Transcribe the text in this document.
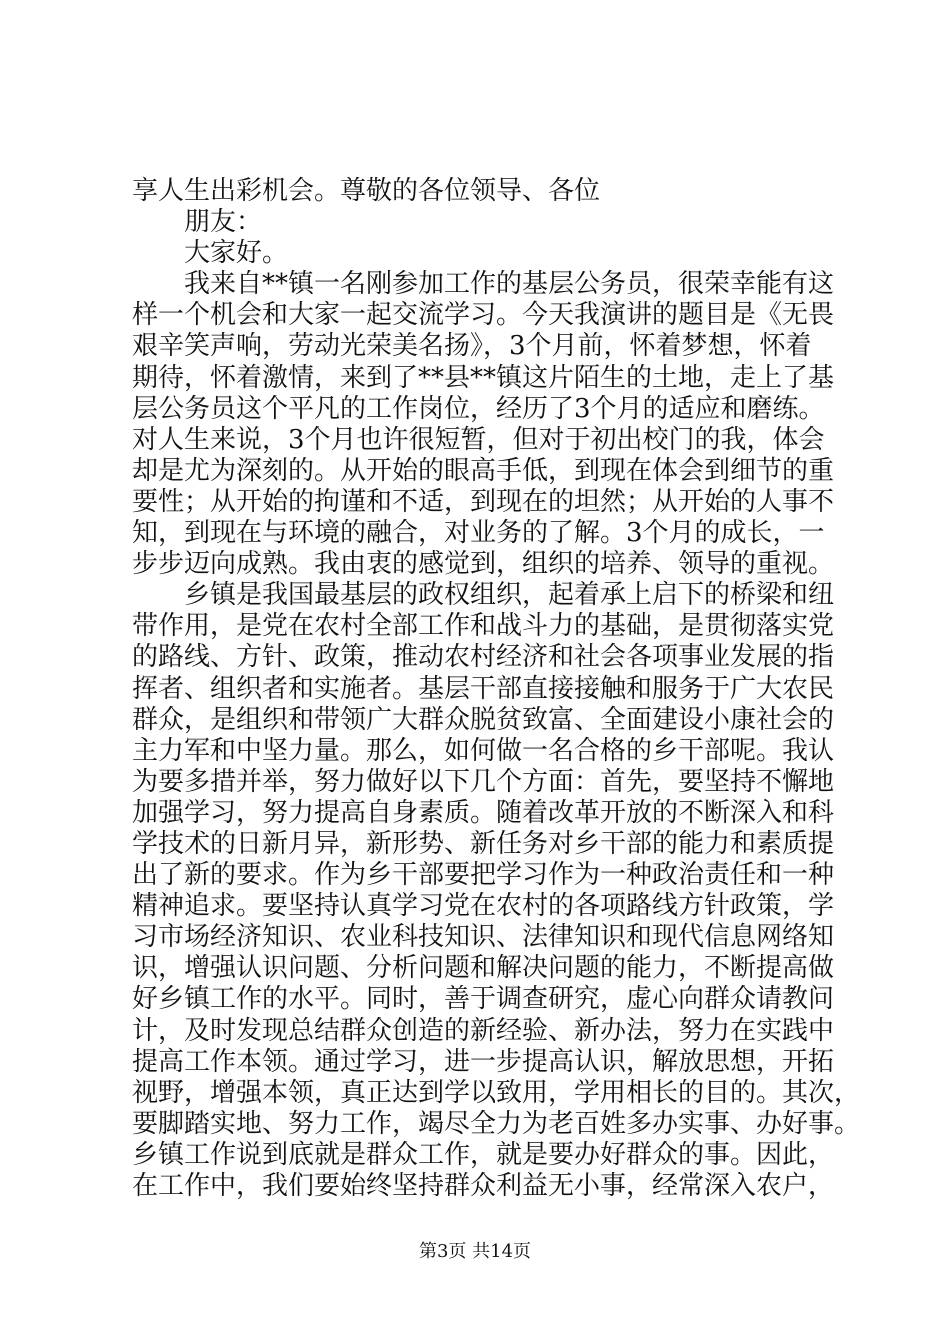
享人生出彩机会。尊敬的各位领导、各位
朋友：
大家好。
我来自**镇一名刚参加工作的基层公务员，很荣幸能有这
样一个机会和大家一起交流学习。今天我演讲的题目是《无畏
艰辛笑声响，劳动光荣美名扬》，3个月前，怀着梦想，怀着
期待，怀着激情，来到了**县**镇这片陌生的土地，走上了基
层公务员这个平凡的工作岗位，经历了3个月的适应和磨练。
对人生来说，3个月也许很短暂，但对于初出校门的我，体会
却是尤为深刻的。从开始的眼高手低，到现在体会到细节的重
要性；从开始的拘谨和不适，到现在的坦然；从开始的人事不
知，到现在与环境的融合，对业务的了解。3个月的成长，一
步步迈向成熟。我由衷的感觉到，组织的培养、领导的重视。
乡镇是我国最基层的政权组织，起着承上启下的桥梁和纽
带作用，是党在农村全部工作和战斗力的基础，是贯彻落实党
的路线、方针、政策，推动农村经济和社会各项事业发展的指
挥者、组织者和实施者。基层干部直接接触和服务于广大农民
群众，是组织和带领广大群众脱贫致富、全面建设小康社会的
主力军和中坚力量。那么，如何做一名合格的乡干部呢。我认
为要多措并举，努力做好以下几个方面：首先，要坚持不懈地
加强学习，努力提高自身素质。随着改革开放的不断深入和科
学技术的日新月异，新形势、新任务对乡干部的能力和素质提
出了新的要求。作为乡干部要把学习作为一种政治责任和一种
精神追求。要坚持认真学习党在农村的各项路线方针政策，学
习市场经济知识、农业科技知识、法律知识和现代信息网络知
识，增强认识问题、分析问题和解决问题的能力，不断提高做
好乡镇工作的水平。同时，善于调查研究，虚心向群众请教问
计，及时发现总结群众创造的新经验、新办法，努力在实践中
提高工作本领。通过学习，进一步提高认识，解放思想，开拓
视野，增强本领，真正达到学以致用，学用相长的目的。其次，
要脚踏实地、努力工作，竭尽全力为老百姓多办实事、办好事。
乡镇工作说到底就是群众工作，就是要办好群众的事。因此，
在工作中，我们要始终坚持群众利益无小事，经常深入农户，
第3页 共14页
